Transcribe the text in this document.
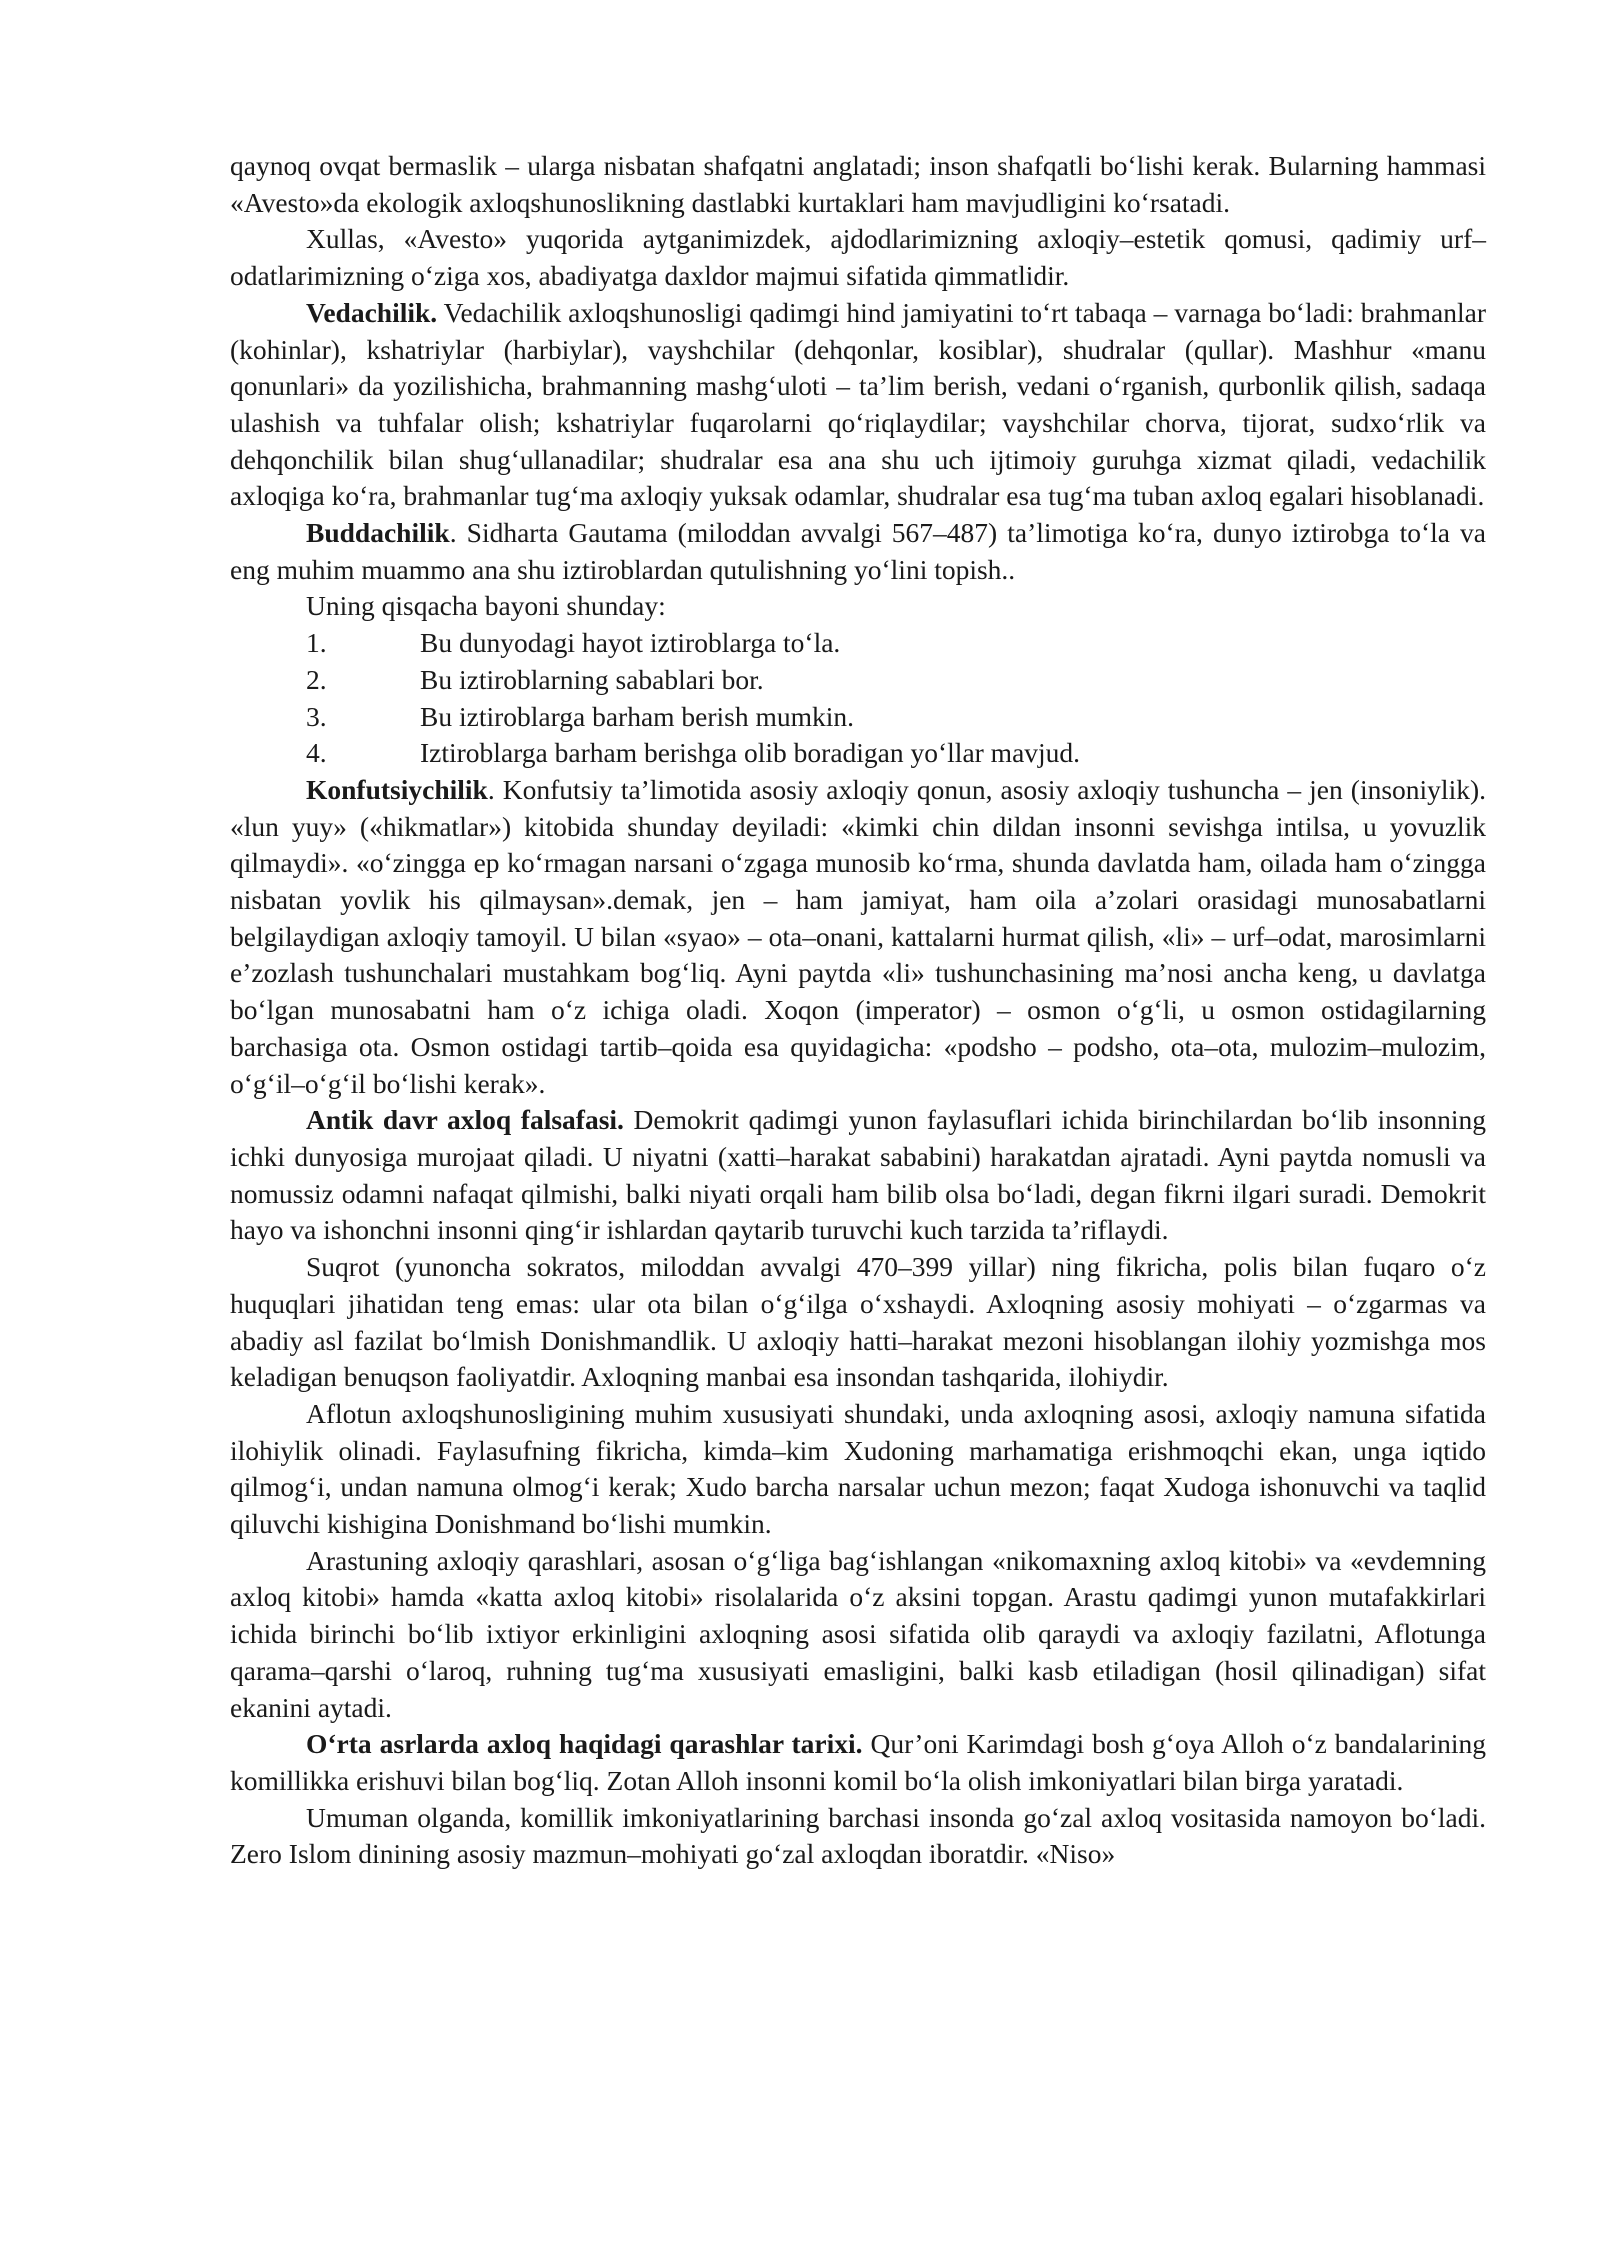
qaynoq ovqat bermaslik – ularga nisbatan shafqatni anglatadi; inson shafqatli bo‘lishi kerak. Bularning hammasi «Avesto»da ekologik axloqshunoslikning dastlabki kurtaklari ham mavjudligini ko‘rsatadi.

Xullas, «Avesto» yuqorida aytganimizdek, ajdodlarimizning axloqiy–estetik qomusi, qadimiy urf–odatlarimizning o‘ziga xos, abadiyatga daxldor majmui sifatida qimmatlidir.

Vedachilik. Vedachilik axloqshunosligi qadimgi hind jamiyatini to‘rt tabaqa – varnaga bo‘ladi: brahmanlar (kohinlar), kshatriylar (harbiylar), vayshchilar (dehqonlar, kosiblar), shudralar (qullar). Mashhur «manu qonunlari» da yozilishicha, brahmanning mashg‘uloti – ta’lim berish, vedani o‘rganish, qurbonlik qilish, sadaqa ulashish va tuhfalar olish; kshatriylar fuqarolarni qo‘riqlaydilar; vayshchilar chorva, tijorat, sudxo‘rlik va dehqonchilik bilan shug‘ullanadilar; shudralar esa ana shu uch ijtimoiy guruhga xizmat qiladi, vedachilik axloqiga ko‘ra, brahmanlar tug‘ma axloqiy yuksak odamlar, shudralar esa tug‘ma tuban axloq egalari hisoblanadi.

Buddachilik. Sidharta Gautama (miloddan avvalgi 567–487) ta’limotiga ko‘ra, dunyo iztirobga to‘la va eng muhim muammo ana shu iztiroblardan qutulishning yo‘lini topish..

Uning qisqacha bayoni shunday:

1.	Bu dunyodagi hayot iztiroblarga to‘la.
2.	Bu iztiroblarning sabablari bor.
3.	Bu iztiroblarga barham berish mumkin.
4.	Iztiroblarga barham berishga olib boradigan yo‘llar mavjud.

Konfutsiychilik. Konfutsiy ta’limotida asosiy axloqiy qonun, asosiy axloqiy tushuncha – jen (insoniylik). «lun yuy» («hikmatlar») kitobida shunday deyiladi: «kimki chin dildan insonni sevishga intilsa, u yovuzlik qilmaydi». «o‘zingga ep ko‘rmagan narsani o‘zgaga munosib ko‘rma, shunda davlatda ham, oilada ham o‘zingga nisbatan yovlik his qilmaysan».demak, jen – ham jamiyat, ham oila a’zolari orasidagi munosabatlarni belgilaydigan axloqiy tamoyil. U bilan «syao» – ota–onani, kattalarni hurmat qilish, «li» – urf–odat, marosimlarni e’zozlash tushunchalari mustahkam bog‘liq. Ayni paytda «li» tushunchasining ma’nosi ancha keng, u davlatga bo‘lgan munosabatni ham o‘z ichiga oladi. Xoqon (imperator) – osmon o‘g‘li, u osmon ostidagilarning barchasiga ota. Osmon ostidagi tartib–qoida esa quyidagicha: «podsho – podsho, ota–ota, mulozim–mulozim, o‘g‘il–o‘g‘il bo‘lishi kerak».

Antik davr axloq falsafasi. Demokrit qadimgi yunon faylasuflari ichida birinchilardan bo‘lib insonning ichki dunyosiga murojaat qiladi. U niyatni (xatti–harakat sababini) harakatdan ajratadi. Ayni paytda nomusli va nomussiz odamni nafaqat qilmishi, balki niyati orqali ham bilib olsa bo‘ladi, degan fikrni ilgari suradi. Demokrit hayo va ishonchni insonni qing‘ir ishlardan qaytarib turuvchi kuch tarzida ta’riflaydi.

Suqrot (yunoncha sokratos, miloddan avvalgi 470–399 yillar) ning fikricha, polis bilan fuqaro o‘z huquqlari jihatidan teng emas: ular ota bilan o‘g‘ilga o‘xshaydi. Axloqning asosiy mohiyati – o‘zgarmas va abadiy asl fazilat bo‘lmish Donishmandlik. U axloqiy hatti–harakat mezoni hisoblangan ilohiy yozmishga mos keladigan benuqson faoliyatdir. Axloqning manbai esa insondan tashqarida, ilohiydir.

Aflotun axloqshunosligining muhim xususiyati shundaki, unda axloqning asosi, axloqiy namuna sifatida ilohiylik olinadi. Faylasufning fikricha, kimda–kim Xudoning marhamatiga erishmoqchi ekan, unga iqtido qilmog‘i, undan namuna olmog‘i kerak; Xudo barcha narsalar uchun mezon; faqat Xudoga ishonuvchi va taqlid qiluvchi kishigina Donishmand bo‘lishi mumkin.

Arastuning axloqiy qarashlari, asosan o‘g‘liga bag‘ishlangan «nikomaxning axloq kitobi» va «evdemning axloq kitobi» hamda «katta axloq kitobi» risolalarida o‘z aksini topgan. Arastu qadimgi yunon mutafakkirlari ichida birinchi bo‘lib ixtiyor erkinligini axloqning asosi sifatida olib qaraydi va axloqiy fazilatni, Aflotunga qarama–qarshi o‘laroq, ruhning tug‘ma xususiyati emasligini, balki kasb etiladigan (hosil qilinadigan) sifat ekanini aytadi.

O‘rta asrlarda axloq haqidagi qarashlar tarixi. Qur’oni Karimdagi bosh g‘oya Alloh o‘z bandalarining komillikka erishuvi bilan bog‘liq. Zotan Alloh insonni komil bo‘la olish imkoniyatlari bilan birga yaratadi.

Umuman olganda, komillik imkoniyatlarining barchasi insonda go‘zal axloq vositasida namoyon bo‘ladi. Zero Islom dinining asosiy mazmun–mohiyati go‘zal axloqdan iboratdir. «Niso»
